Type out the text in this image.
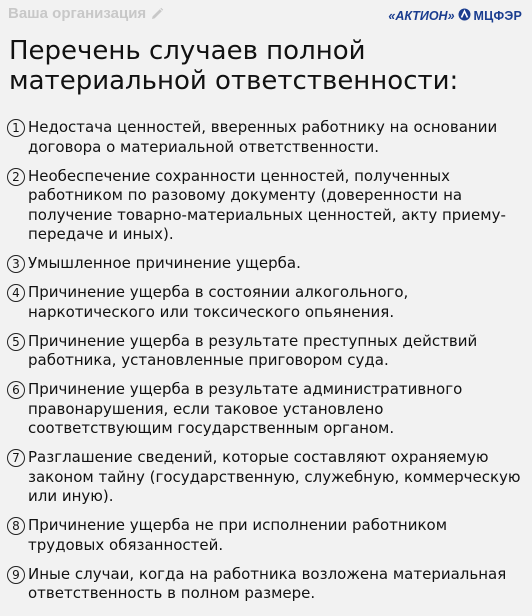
Ваша организация	«АКТИОН» МЦФЭР
Перечень случаев полной
материальной ответственности:
1 Недостача ценностей, вверенных работнику на основании договора о материальной ответственности.
2 Необеспечение сохранности ценностей, полученных работником по разовому документу (доверенности на получение товарно-материальных ценностей, акту приему-передаче и иных).
3 Умышленное причинение ущерба.
4 Причинение ущерба в состоянии алкогольного, наркотического или токсического опьянения.
5 Причинение ущерба в результате преступных действий работника, установленные приговором суда.
6 Причинение ущерба в результате административного правонарушения, если таковое установлено соответствующим государственным органом.
7 Разглашение сведений, которые составляют охраняемую законом тайну (государственную, служебную, коммерческую или иную).
8 Причинение ущерба не при исполнении работником трудовых обязанностей.
9 Иные случаи, когда на работника возложена материальная ответственность в полном размере.
